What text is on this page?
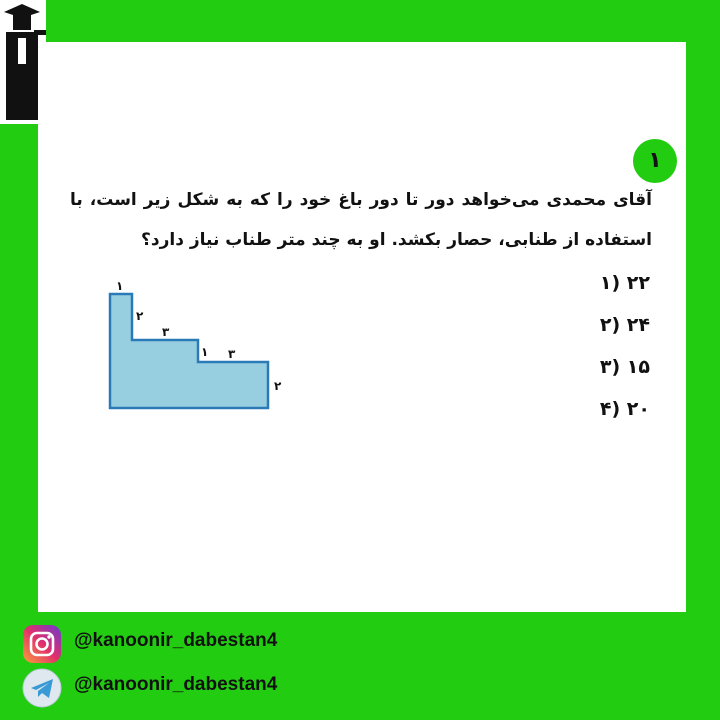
۱
آقای محمدی می‌خواهد دور تا دور باغ خود را که به شکل زیر است، با استفاده از طنابی، حصار بکشد. او به چند متر طناب نیاز دارد؟
۲۲ (۱
۲۴ (۲
۱۵ (۳
۲۰ (۴
۱
۲
۳
۱ ۳
۲
@kanoonir_dabestan4
@kanoonir_dabestan4
